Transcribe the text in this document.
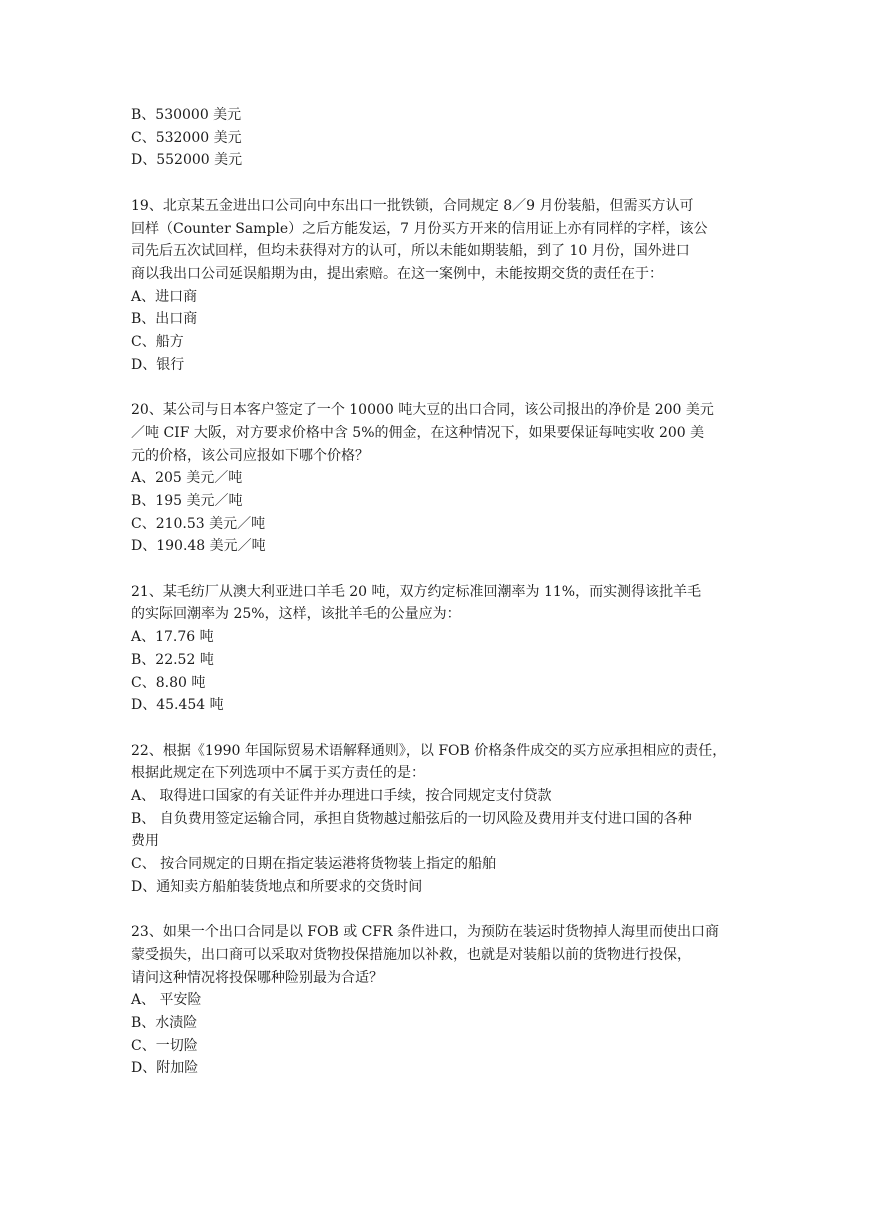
B、530000 美元
C、532000 美元
D、552000 美元
19、北京某五金进出口公司向中东出口一批铁锁，合同规定 8／9 月份装船，但需买方认可
回样（Counter Sample）之后方能发运，7 月份买方开来的信用证上亦有同样的字样，该公
司先后五次试回样，但均未获得对方的认可，所以未能如期装船，到了 10 月份，国外进口
商以我出口公司延误船期为由，提出索赔。在这一案例中，未能按期交货的责任在于：
A、进口商
B、出口商
C、船方
D、银行
20、某公司与日本客户签定了一个 10000 吨大豆的出口合同，该公司报出的净价是 200 美元
／吨 CIF 大阪，对方要求价格中含 5%的佣金，在这种情况下，如果要保证每吨实收 200 美
元的价格，该公司应报如下哪个价格？
A、205 美元／吨
B、195 美元／吨
C、210.53 美元／吨
D、190.48 美元／吨
21、某毛纺厂从澳大利亚进口羊毛 20 吨，双方约定标准回潮率为 11%，而实测得该批羊毛
的实际回潮率为 25%，这样，该批羊毛的公量应为：
A、17.76 吨
B、22.52 吨
C、8.80 吨
D、45.454 吨
22、根据《1990 年国际贸易术语解释通则》，以 FOB 价格条件成交的买方应承担相应的责任，
根据此规定在下列选项中不属于买方责任的是：
A、 取得进口国家的有关证件并办理进口手续，按合同规定支付贷款
B、 自负费用签定运输合同，承担自货物越过船弦后的一切风险及费用并支付进口国的各种
费用
C、 按合同规定的日期在指定装运港将货物装上指定的船舶
D、通知卖方船舶装货地点和所要求的交货时间
23、如果一个出口合同是以 FOB 或 CFR 条件进口，为预防在装运时货物掉人海里而使出口商
蒙受损失，出口商可以采取对货物投保措施加以补救，也就是对装船以前的货物进行投保，
请问这种情况将投保哪种险别最为合适？
A、 平安险
B、水渍险
C、一切险
D、附加险
